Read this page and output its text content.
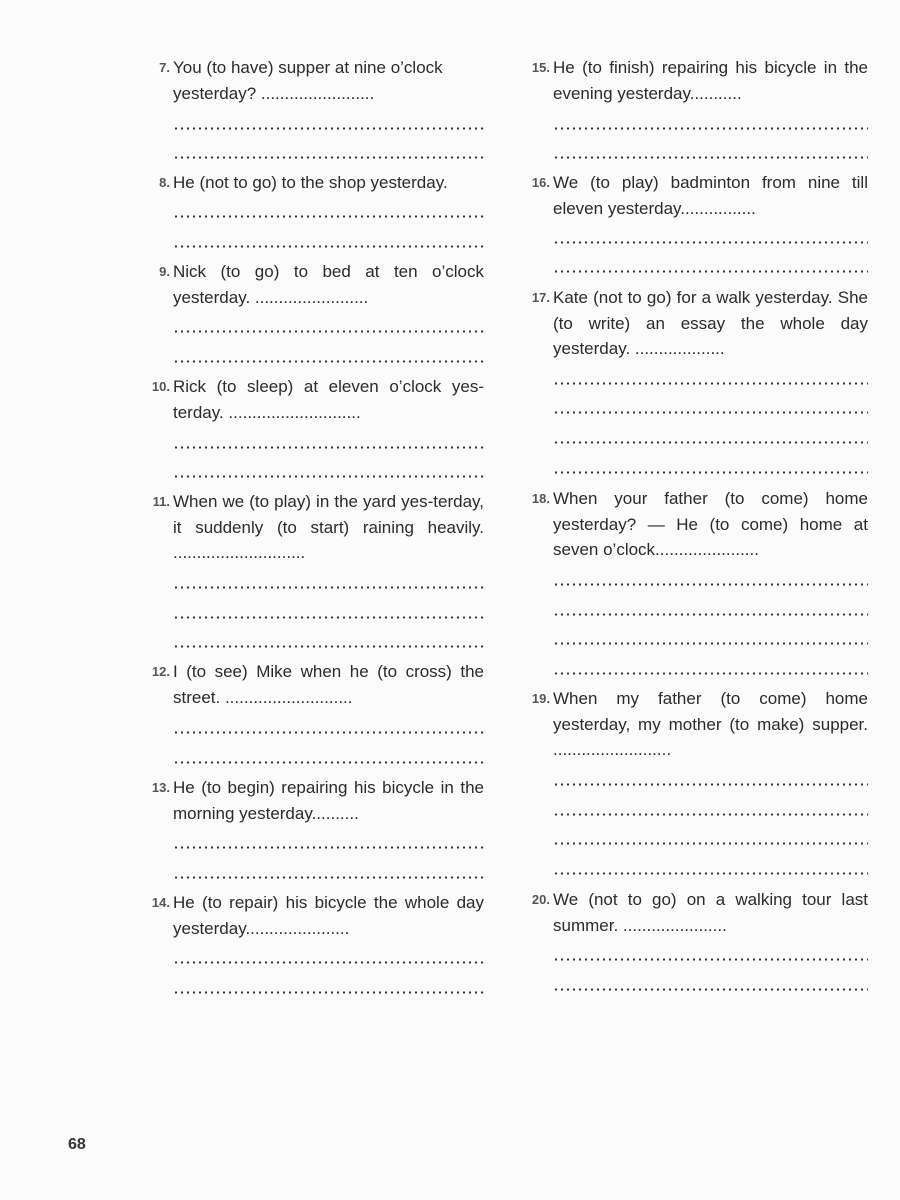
7. You (to have) supper at nine o’clock
yesterday? ........................
8. He (not to go) to the shop yesterday.
9. Nick (to go) to bed at ten o’clock yesterday. ........................
10. Rick (to sleep) at eleven o’clock yes-terday. ............................
11. When we (to play) in the yard yes-terday, it suddenly (to start) raining heavily. ............................
12. I (to see) Mike when he (to cross) the street. ...........................
13. He (to begin) repairing his bicycle in the morning yesterday..........
14. He (to repair) his bicycle the whole day yesterday......................
15. He (to finish) repairing his bicycle in the evening yesterday...........
16. We (to play) badminton from nine till eleven yesterday................
17. Kate (not to go) for a walk yesterday. She (to write) an essay the whole day yesterday. ...................
18. When your father (to come) home yesterday? — He (to come) home at seven o’clock......................
19. When my father (to come) home yesterday, my mother (to make) supper. .........................
20. We (not to go) on a walking tour last summer. ......................
68
